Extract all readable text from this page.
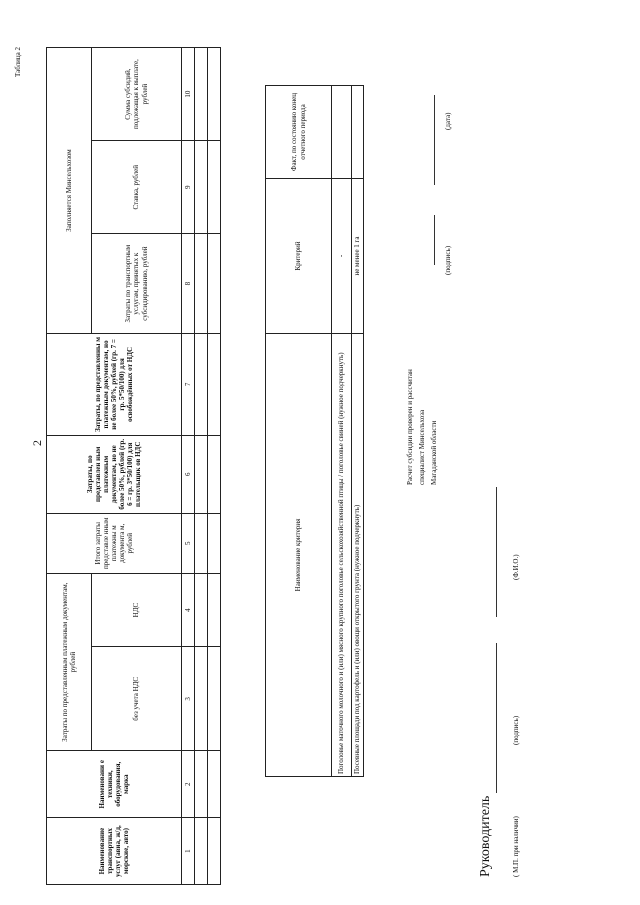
2
Таблица 2
Наименование транспортных услуг (авиа, ж/д, морские, авто)	Наименовани е техники, оборудования, марка	Затраты по представленным платежным документам, рублей		Итого затраты представле нным платежны м документа м, рублей	Затраты, по представлен ным платежным документам, но не более 50%, рублей (гр. 6 = гр. 3*50/100) для плательщик ов НДС	Затраты, по представленны м платежным документам, но не более 50%, рублей (гр. 7 = гр. 5*50/100) для освобождённых от НДС	Заполняется Минсельхозом		
		без учета НДС	НДС				Затраты по транспортным услугам, принятых к субсидированию, рублей	Ставка, рублей	Сумма субсидий, подлежащая к выплате, рублей

1	2	3	4	5	6	7	8	9	10

Наименование критерия	Критерий	Факт, по состоянию конец отчетного периода
Поголовье маточного молочного и (или) мясного крупного поголовье сельскохозяйственной птицы / поголовье свиней (нужное подчеркнуть)	-	
Посевные площади под картофель и (или) овощи открытого грунта (нужное подчеркнуть)	не менее 1 га	
Руководитель	( М.П. при наличии)
(подпись)
(Ф.И.О.)
Расчет субсидии проверен и рассчитан специалист Минсельхоза Магаданской области
(подпись)
(дата)
